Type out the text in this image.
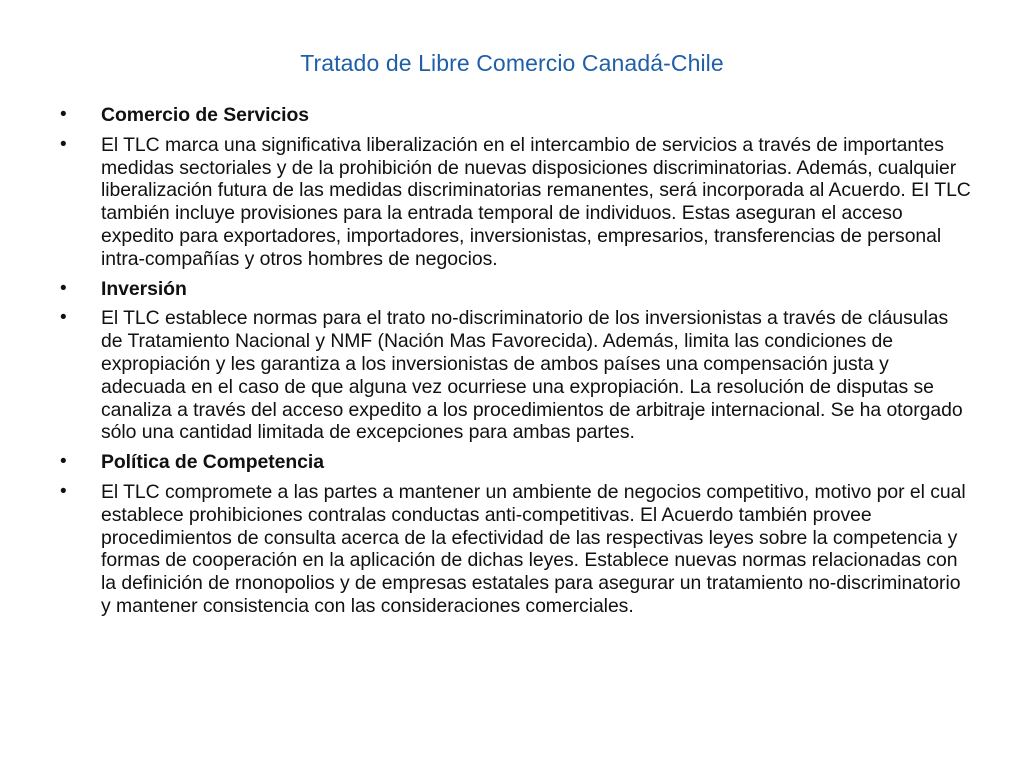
Tratado de Libre Comercio Canadá-Chile
•	Comercio de Servicios
•	El TLC marca una significativa liberalización en el intercambio de servicios a través de importantes medidas sectoriales y de la prohibición de nuevas disposiciones discriminatorias. Además, cualquier liberalización futura de las medidas discriminatorias remanentes, será incorporada al Acuerdo. EI TLC también incluye provisiones para la entrada temporal de individuos. Estas aseguran el acceso expedito para exportadores, importadores, inversionistas, empresarios, transferencias de personal intra-compañías y otros hombres de negocios.
•	Inversión
•	El TLC establece normas para el trato no-discriminatorio de los inversionistas a través de cláusulas de Tratamiento Nacional y NMF (Nación Mas Favorecida). Además, limita las condiciones de expropiación y les garantiza a los inversionistas de ambos países una compensación justa y adecuada en el caso de que alguna vez ocurriese una expropiación. La resolución de disputas se canaliza a través del acceso expedito a los procedimientos de arbitraje internacional. Se ha otorgado sólo una cantidad limitada de excepciones para ambas partes.
•	Política de Competencia
•	El TLC compromete a las partes a mantener un ambiente de negocios competitivo, motivo por el cual establece prohibiciones contralas conductas anti-competitivas. El Acuerdo también provee procedimientos de consulta acerca de la efectividad de las respectivas leyes sobre la competencia y formas de cooperación en la aplicación de dichas leyes. Establece nuevas normas relacionadas con la definición de rnonopolios y de empresas estatales para asegurar un tratamiento no-discriminatorio y mantener consistencia con las consideraciones comerciales.
